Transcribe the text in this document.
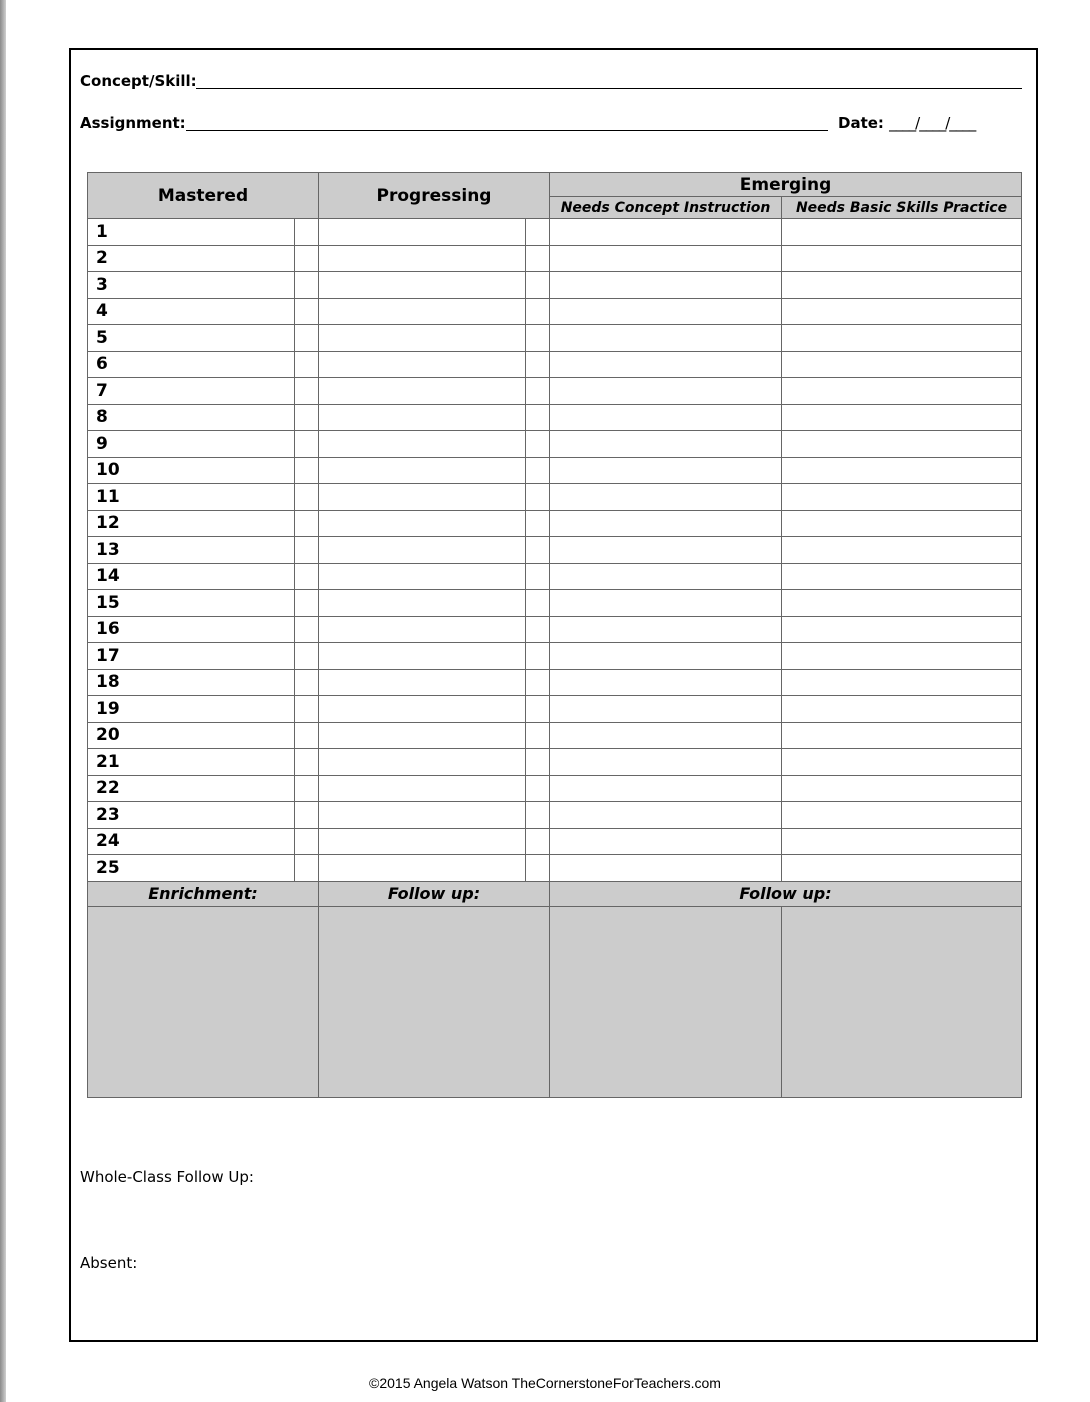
Concept/Skill:
Assignment:	Date: ____/____/____
Mastered		Progressing		Emerging	
				Needs Concept Instruction	Needs Basic Skills Practice
1					
2					
3					
4					
5					
6					
7					
8					
9					
10					
11					
12					
13					
14					
15					
16					
17					
18					
19					
20					
21					
22					
23					
24					
25					
Enrichment:		Follow up:		Follow up:	

Whole-Class Follow Up:
Absent:
©2015 Angela Watson TheCornerstoneForTeachers.com
